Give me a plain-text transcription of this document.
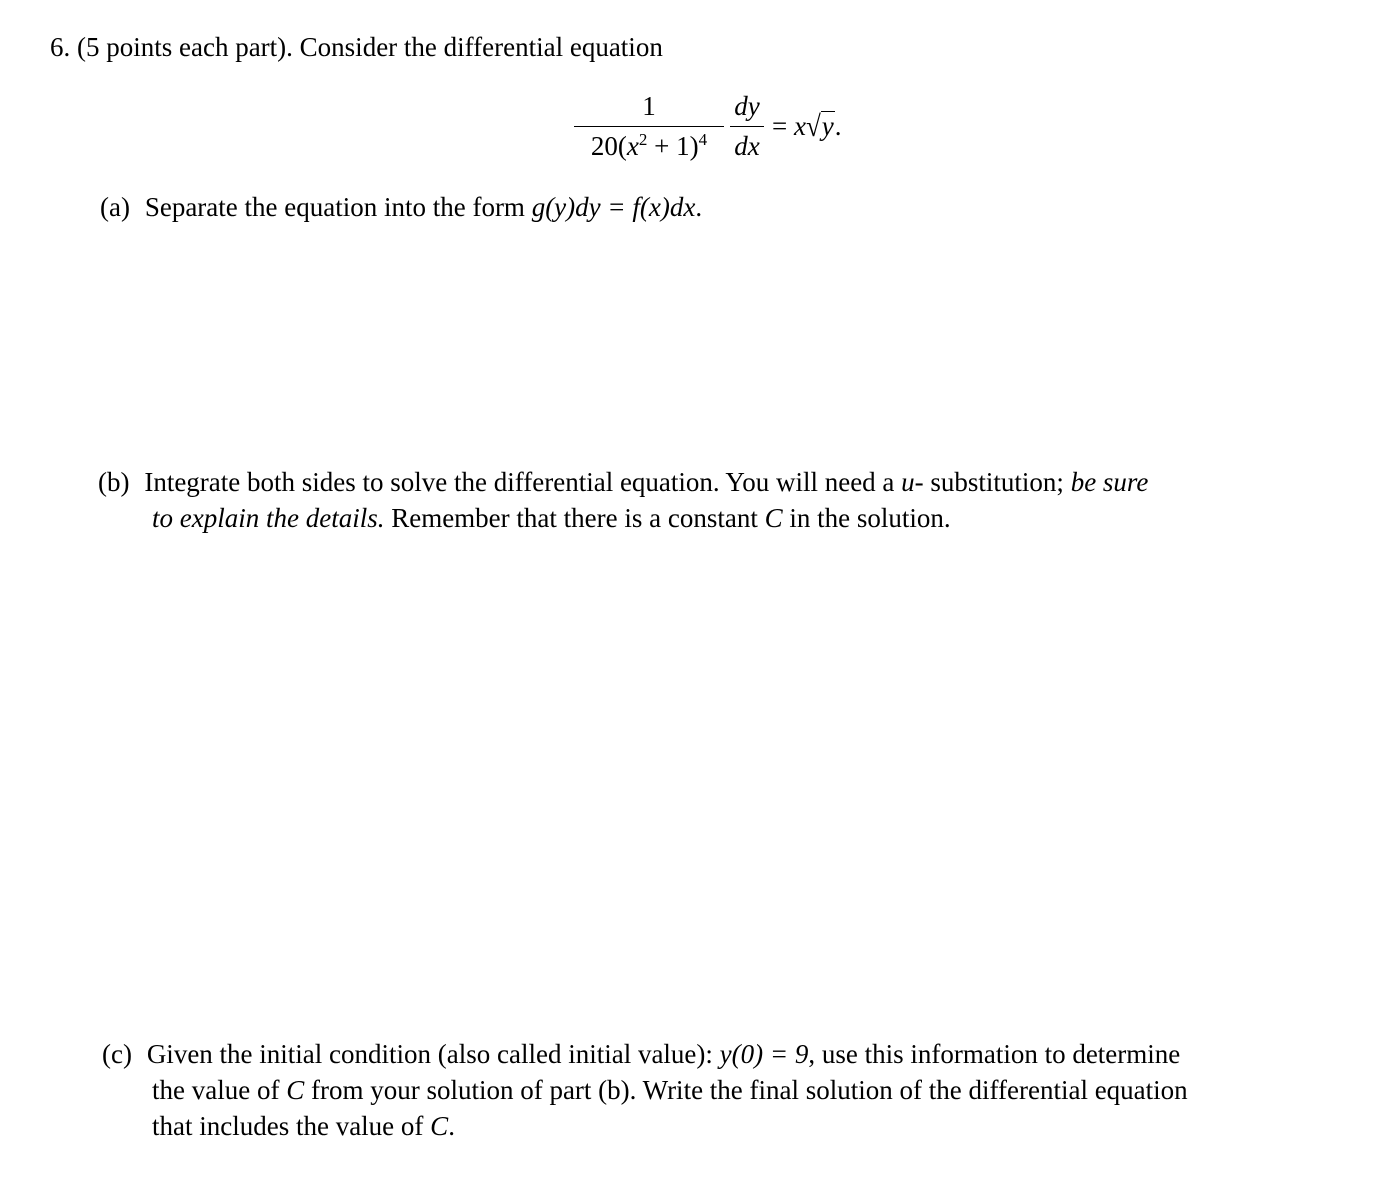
6. (5 points each part). Consider the differential equation
1
$20(x^2 + 1)^4$
dy
dx
= x√y.
(a) Separate the equation into the form g(y)dy = f(x)dx.
(b) Integrate both sides to solve the differential equation. You will need a u- substitution; be sure
to explain the details. Remember that there is a constant C in the solution.
(c) Given the initial condition (also called initial value): y(0) = 9, use this information to determine
the value of C from your solution of part (b). Write the final solution of the differential equation
that includes the value of C.
